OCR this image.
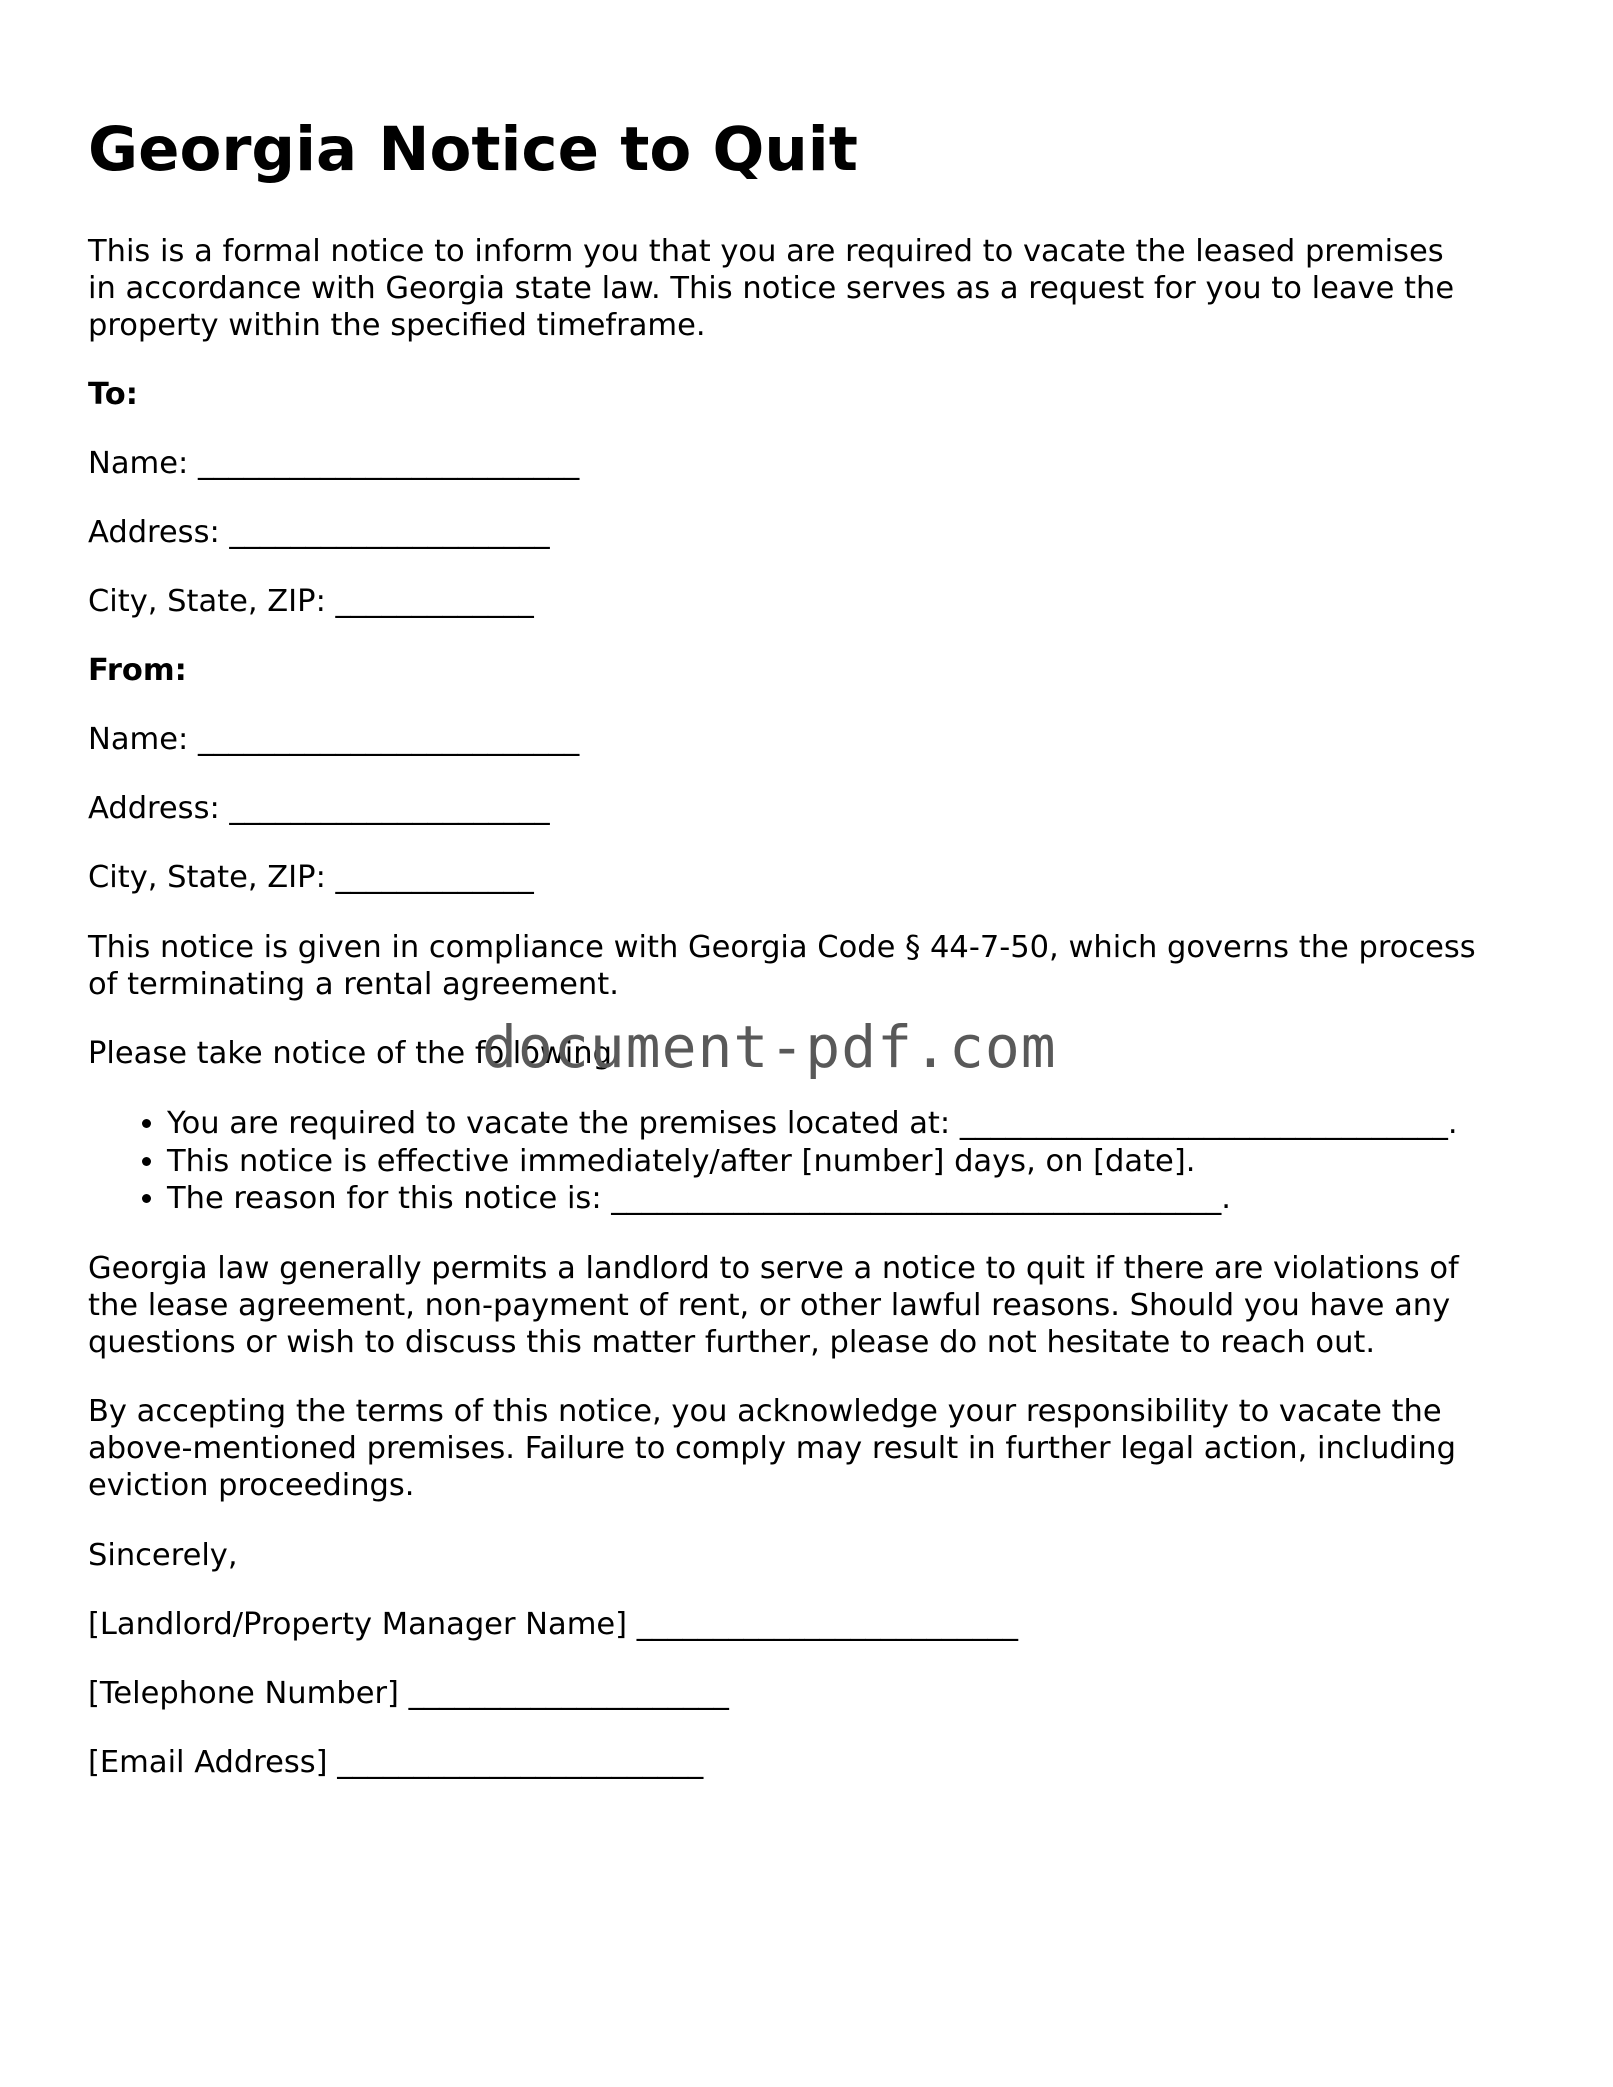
Georgia Notice to Quit

This is a formal notice to inform you that you are required to vacate the leased premises

in accordance with Georgia state law. This notice serves as a request for you to leave the

property within the specified timeframe.

To:

Name: _________________________

Address: _____________________

City, State, ZIP: _____________

From:

Name: _________________________

Address: _____________________

City, State, ZIP: _____________

This notice is given in compliance with Georgia Code § 44-7-50, which governs the process

of terminating a rental agreement.

Please take notice of the following:

• You are required to vacate the premises located at: ________________________________.
• This notice is effective immediately/after [number] days, on [date].
• The reason for this notice is: ________________________________________.

Georgia law generally permits a landlord to serve a notice to quit if there are violations of

the lease agreement, non-payment of rent, or other lawful reasons. Should you have any

questions or wish to discuss this matter further, please do not hesitate to reach out.

By accepting the terms of this notice, you acknowledge your responsibility to vacate the

above-mentioned premises. Failure to comply may result in further legal action, including

eviction proceedings.

Sincerely,

[Landlord/Property Manager Name] _________________________

[Telephone Number] _____________________

[Email Address] ________________________

document-pdf.com
